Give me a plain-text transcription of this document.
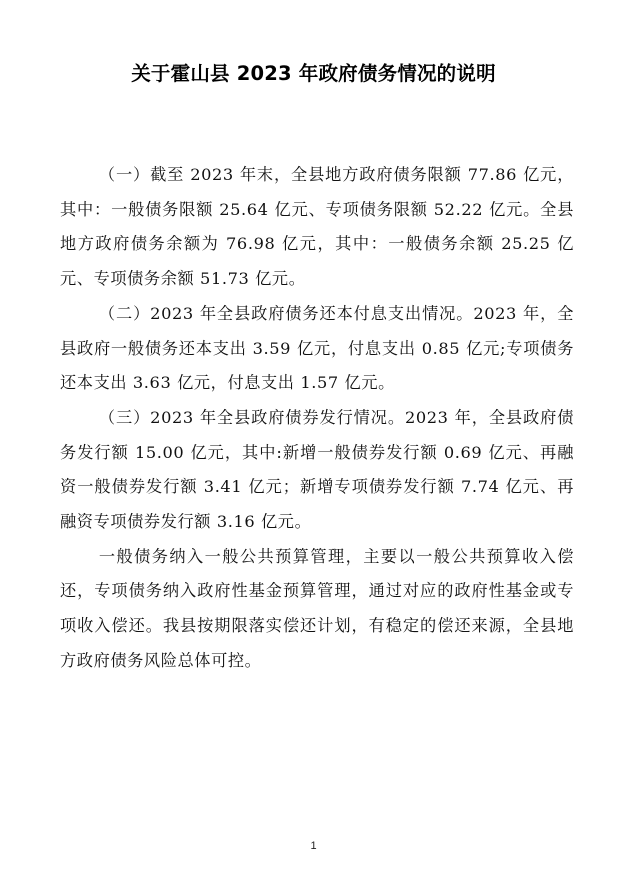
关于霍山县 2023 年政府债务情况的说明

（一）截至 2023 年末，全县地方政府债务限额 77.86 亿元，其中：一般债务限额 25.64 亿元、专项债务限额 52.22 亿元。全县地方政府债务余额为 76.98 亿元，其中：一般债务余额 25.25 亿元、专项债务余额 51.73 亿元。

（二）2023 年全县政府债务还本付息支出情况。2023 年，全县政府一般债务还本支出 3.59 亿元，付息支出 0.85 亿元;专项债务还本支出 3.63 亿元，付息支出 1.57 亿元。

（三）2023 年全县政府债券发行情况。2023 年，全县政府债务发行额 15.00 亿元，其中:新增一般债券发行额 0.69 亿元、再融资一般债券发行额 3.41 亿元；新增专项债券发行额 7.74 亿元、再融资专项债券发行额 3.16 亿元。

一般债务纳入一般公共预算管理，主要以一般公共预算收入偿还，专项债务纳入政府性基金预算管理，通过对应的政府性基金或专项收入偿还。我县按期限落实偿还计划，有稳定的偿还来源，全县地方政府债务风险总体可控。

1
